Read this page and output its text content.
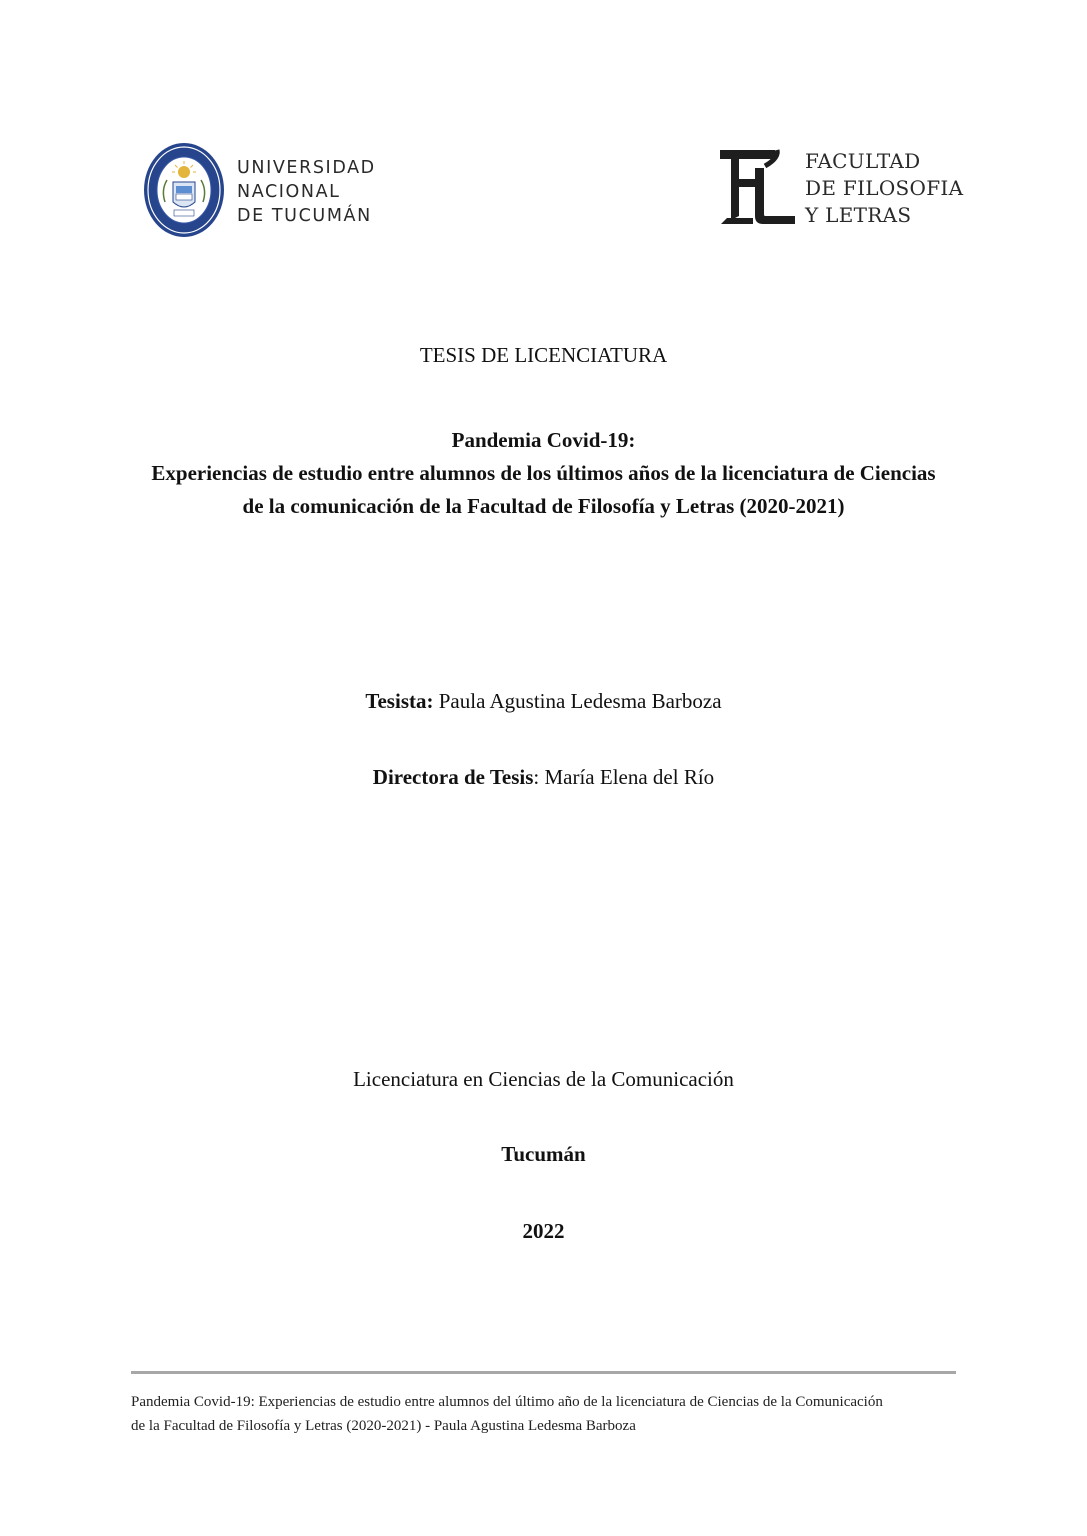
UNIVERSIDAD
NACIONAL
DE TUCUMÁN
FACULTAD
DE FILOSOFIA
Y LETRAS
TESIS DE LICENCIATURA
Pandemia Covid-19:
Experiencias de estudio entre alumnos de los últimos años de la licenciatura de Ciencias
de la comunicación de la Facultad de Filosofía y Letras (2020-2021)
Tesista: Paula Agustina Ledesma Barboza
Directora de Tesis: María Elena del Río
Licenciatura en Ciencias de la Comunicación
Tucumán
2022
Pandemia Covid-19: Experiencias de estudio entre alumnos del último año de la licenciatura de Ciencias de la Comunicación
de la Facultad de Filosofía y Letras (2020-2021) - Paula Agustina Ledesma Barboza
